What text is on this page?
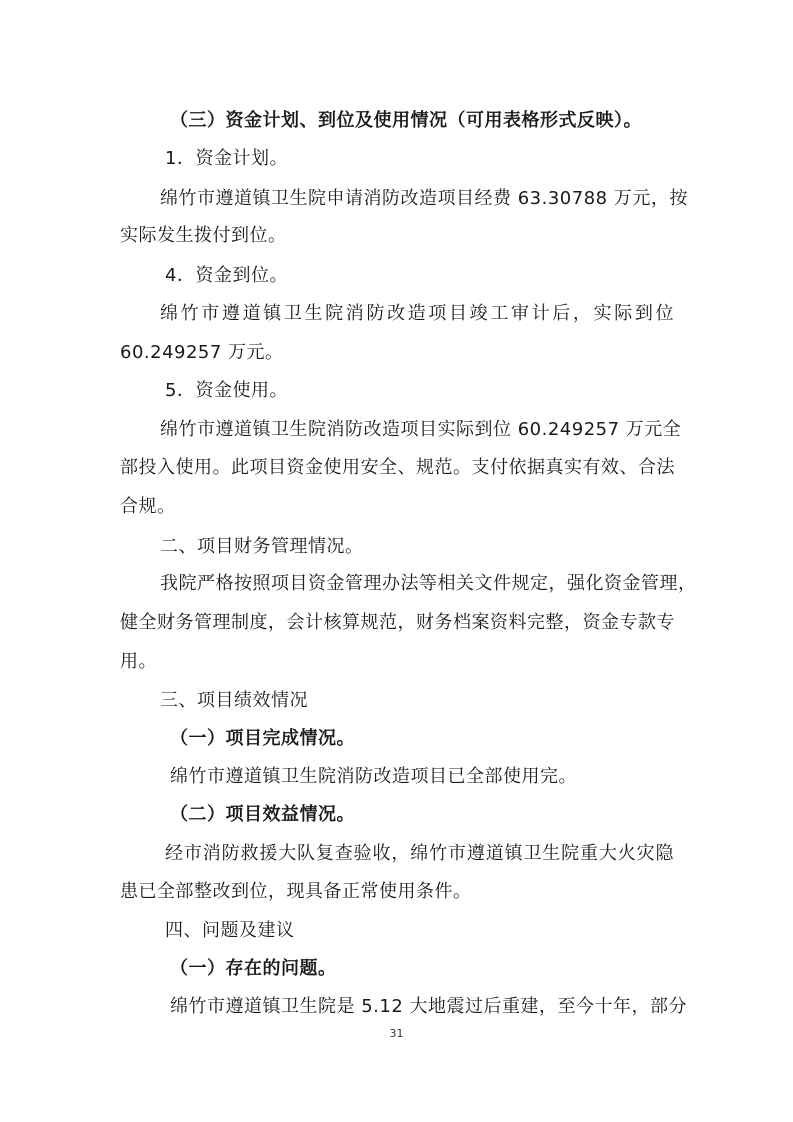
（三）资金计划、到位及使用情况（可用表格形式反映）。
1．资金计划。
绵竹市遵道镇卫生院申请消防改造项目经费 63.30788 万元，按
实际发生拨付到位。
4．资金到位。
绵竹市遵道镇卫生院消防改造项目竣工审计后，实际到位
60.249257 万元。
5．资金使用。
绵竹市遵道镇卫生院消防改造项目实际到位 60.249257 万元全
部投入使用。此项目资金使用安全、规范。支付依据真实有效、合法
合规。
二、项目财务管理情况。
我院严格按照项目资金管理办法等相关文件规定，强化资金管理，
健全财务管理制度，会计核算规范，财务档案资料完整，资金专款专
用。
三、项目绩效情况
（一）项目完成情况。
绵竹市遵道镇卫生院消防改造项目已全部使用完。
（二）项目效益情况。
经市消防救援大队复查验收，绵竹市遵道镇卫生院重大火灾隐
患已全部整改到位，现具备正常使用条件。
四、问题及建议
（一）存在的问题。
绵竹市遵道镇卫生院是 5.12 大地震过后重建，至今十年，部分
31
